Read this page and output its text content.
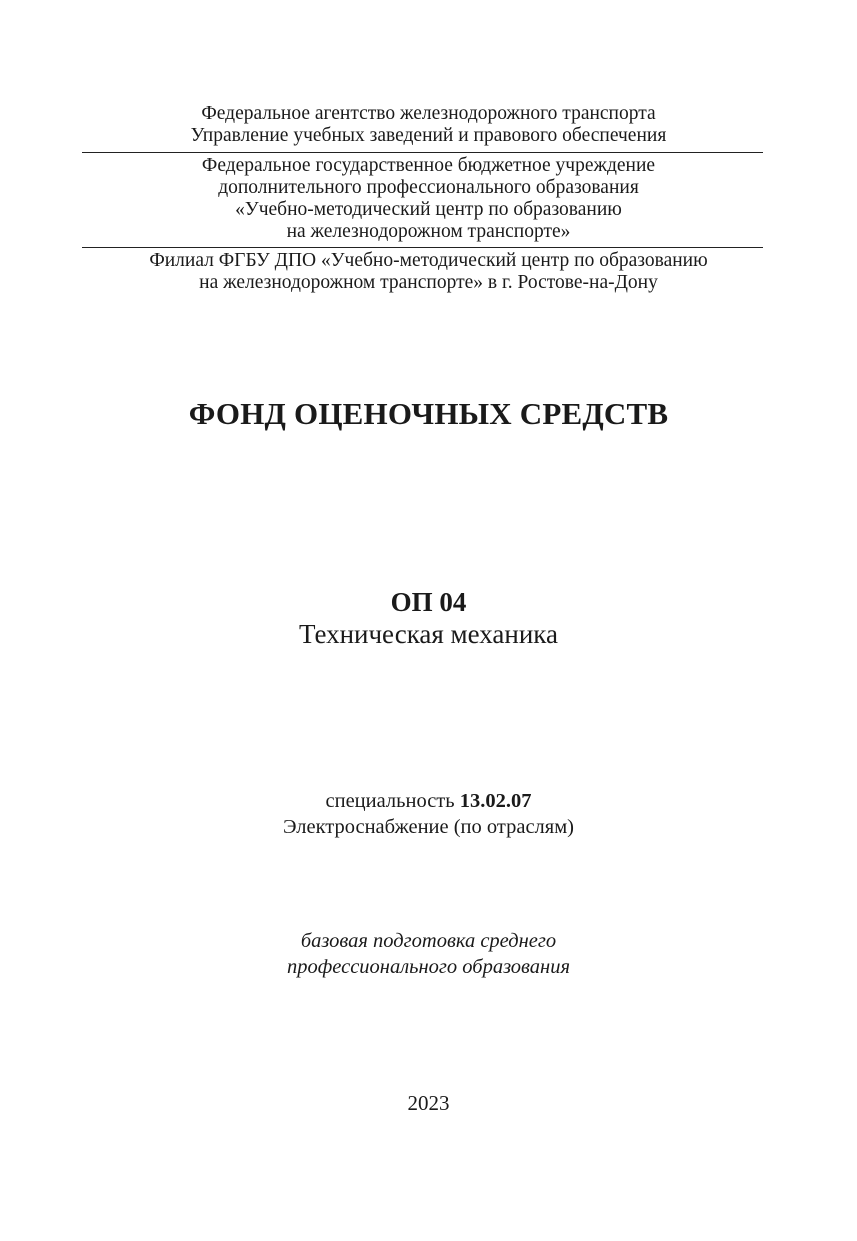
Федеральное агентство железнодорожного транспорта
Управление учебных заведений и правового обеспечения
Федеральное государственное бюджетное учреждение
дополнительного профессионального образования
«Учебно-методический центр по образованию
на железнодорожном транспорте»
Филиал ФГБУ ДПО «Учебно-методический центр по образованию
на железнодорожном транспорте» в г. Ростове-на-Дону
ФОНД ОЦЕНОЧНЫХ СРЕДСТВ
ОП 04
Техническая механика
специальность 13.02.07
Электроснабжение (по отраслям)
базовая подготовка среднего
профессионального образования
2023
